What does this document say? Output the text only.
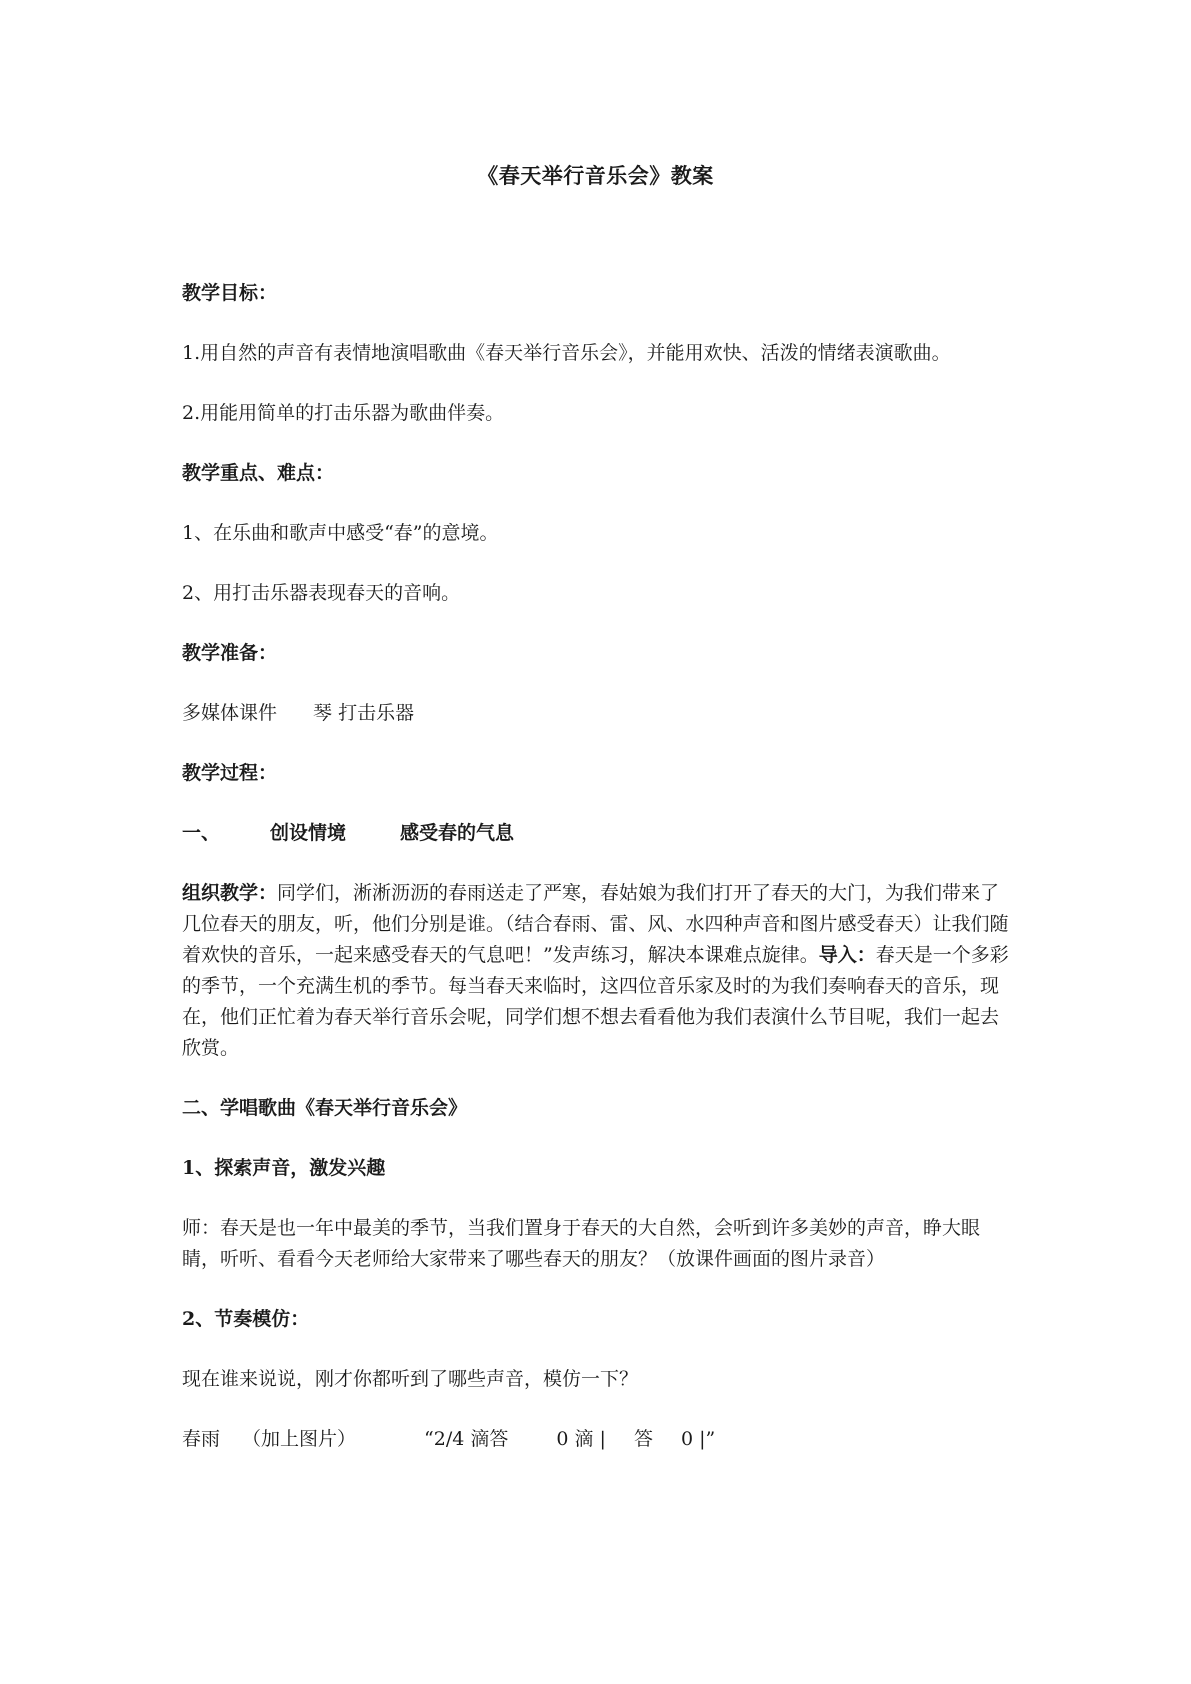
《春天举行音乐会》教案

教学目标：

1.用自然的声音有表情地演唱歌曲《春天举行音乐会》，并能用欢快、活泼的情绪表演歌曲。

2.用能用简单的打击乐器为歌曲伴奏。

教学重点、难点：

1、在乐曲和歌声中感受“春”的意境。

2、用打击乐器表现春天的音响。

教学准备：

多媒体课件 琴 打击乐器

教学过程：

一、	创设情境	感受春的气息

组织教学：同学们，淅淅沥沥的春雨送走了严寒，春姑娘为我们打开了春天的大门，为我们带来了几位春天的朋友，听，他们分别是谁。（结合春雨、雷、风、水四种声音和图片感受春天）让我们随着欢快的音乐，一起来感受春天的气息吧！”发声练习，解决本课难点旋律。导入：春天是一个多彩的季节，一个充满生机的季节。每当春天来临时，这四位音乐家及时的为我们奏响春天的音乐，现在，他们正忙着为春天举行音乐会呢，同学们想不想去看看他为我们表演什么节目呢，我们一起去欣赏。

二、学唱歌曲《春天举行音乐会》

1、探索声音，激发兴趣

师：春天是也一年中最美的季节，当我们置身于春天的大自然，会听到许多美妙的声音，睁大眼睛，听听、看看今天老师给大家带来了哪些春天的朋友？（放课件画面的图片录音）

2、节奏模仿：

现在谁来说说，刚才你都听到了哪些声音，模仿一下？

春雨 （加上图片）	“2/4 滴答	0 滴 | 答 0 |”
